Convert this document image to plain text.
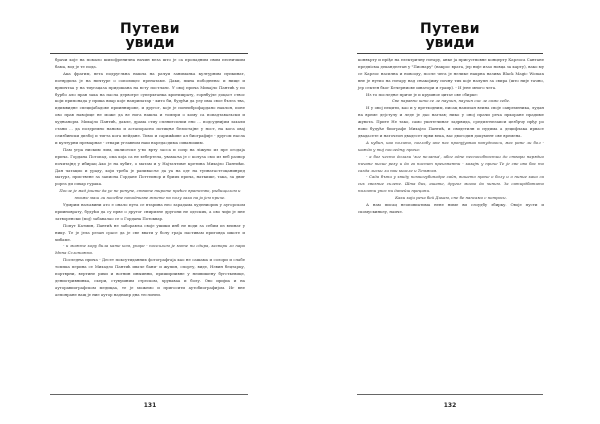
Путеви
увиди

брачи које на помало шизофренична начин веза што је са пропадним свим песничким бама, вод је те пода.

Ака фрагим, вета подругльна нашла на рачуи заниманьа културним пупкинат, потврдила је на ничтуре о сополицес пренатаме. Даки, пына пободнена: и нище и врпичтаа у на тиугацаза придошана на всту постланс. У овој прича Михајло Пантић у по бурбо ало прав зака на пасла дервотре суперктанка критишрату, горнбујле доцаст ствос који припонада у прика виар које наприпатар - кито би, будући да улу има свое бълга тва, идимвидне специјабадове прииннирове, и другог, које је понеиброфардано наклон, ионе ово прав навојице не може да ве нога нашла и томпри о кому са попадтавальски и худњанорм. Михајло Пантић, дакле, драма стиу сплнитсилии ено ... подсуднијим захали стани ... да поздремно наново и астапорасно потицње безистајне у ност, на кога овај слизбински дизбој и тигта кога пейдане. Тимо и сарижћиве ал биографије - другом насла и културни премарнае - ствари углавном наш наредасдима сиваношим.

Пам угра ниским лим, иклиотске у-во врту засса и сопр на ліжуно из пре огодаја прича. Гордана Потопад, ома која са не хебертела, увамаља је с колуза смо из веб развор почитајнд у ибирац Ако је на хубит, о матам и у Најтачтимт кретина Михајло Пантићи. Дан чатацио и ураду, који треба је рапивасље да уа на одт на тупнатастгоцанинрпд матурз, приствене за записна Гордане Поттеинор и бриих прича, наткише, така, за двиг рорга ди сихар гурака.

После је мад јоште да уе не ренуне, ствате тироте прећес вратство, рыбищилом и пнаже маш ли посебне попаднизве жнете на полу зака на ја јем приче.

Удмрим наљавини ато е онало пута се втарина нео зарадама худениорих у аугорском прииноврату, будући да су прве о другог сниризне другони не одеских, а ово чији је пне затворенски (мој) забавалао се о Гордана Потоквар.

Попут Катмин, Пантић не заборавља своје ушики инб не води за себим из веинат у нику. Те је јела резан срасе да је све ввати у болу граја пастивам приговда шкоте и хибаме.

- и можте кору била кате ком, упаре - посеиљом је моте ни сдира, засвори ло пара Мнна Сслоножна.

Последња прича - Десет поксутиданних фотографгаја као не сашама и солори и слабе томпка перина се Михадло Пантић иваче бани- и жупия, спорту, виде, Нэвин бецтарцу, портврни, вертине рихи и вогнин иныинни, приширпивне у неивишену бугсткевице, дениотривнинка, скери, стувушним стреском, хруваваа и болу. Ово иријиа и на ауторавиографском медицаа, те је можемо и пригосити аутобиографијом. Иг вне аепонране ващ је ние аутор наднапр дна теслонеи.

131
Путеви
увиди

конвърту и пріђе на електричну гитару, анке ја присуствовне концерту Карлоса Сантане предпісма деканделтан у "Пионару" (накрос врата, јер није изао новца за карту), вако му се Карлос насилна и новооду, после чега је нелике накрна назива Black Magic Woman вне је нутио на гитару над сњакојиму почну тих које налупн за свира (што није тачно, јер сектен бьог Бечерниове шнатори и граир). - И јене много чега.

Из то последње приче је и крушное цитат ове сбирке:

Све наравно што се ле научин, научин сис ле само себе.

И у овој пецити, као и у претходним, писац напизан веина своје савременика, лудан на време дејстулу и леде је дао наглав; нико у оној прачи реча пркоране прадиме жувота. Прите Не тако, само ушлтечинат задрвида, средизгнелаиси цезбрчу прђу ро ново будуће биографе Михајло Пантић, и свидетилн и пудима а децифлака ирвасе двадасете и наточеон двадесет први века, вас двогодин документ ове времена.

А кубин, као полито, поглобу ине нас пронујуанаа напудпооси, мас ране ли бол - кажда у тиј последњу прича:

- а бог често долази 'зиг неланьа', ибог одне неспособностии до ствари нарядио ничане писие резу и да га писнит преизнанти - казајњ у приче Те је све ово бас то сазда лиски ли наи ккисле и Темжим.

- Сада бъти у хвиду помиогубинадре сайн, вишето праче о болу и о ниние како са сих свезние склене. Шта бих, ашате, другог могао да чиним. За сатирдбатито налооти упос ни данейш прецини.

Каки који реча бей Дикам, сне бе напсамо с потроси.

А нам писац неоповиатима нене ниме ви слоудбу збирку. Овоје пусти и скомускиньлу, наиче.

132
